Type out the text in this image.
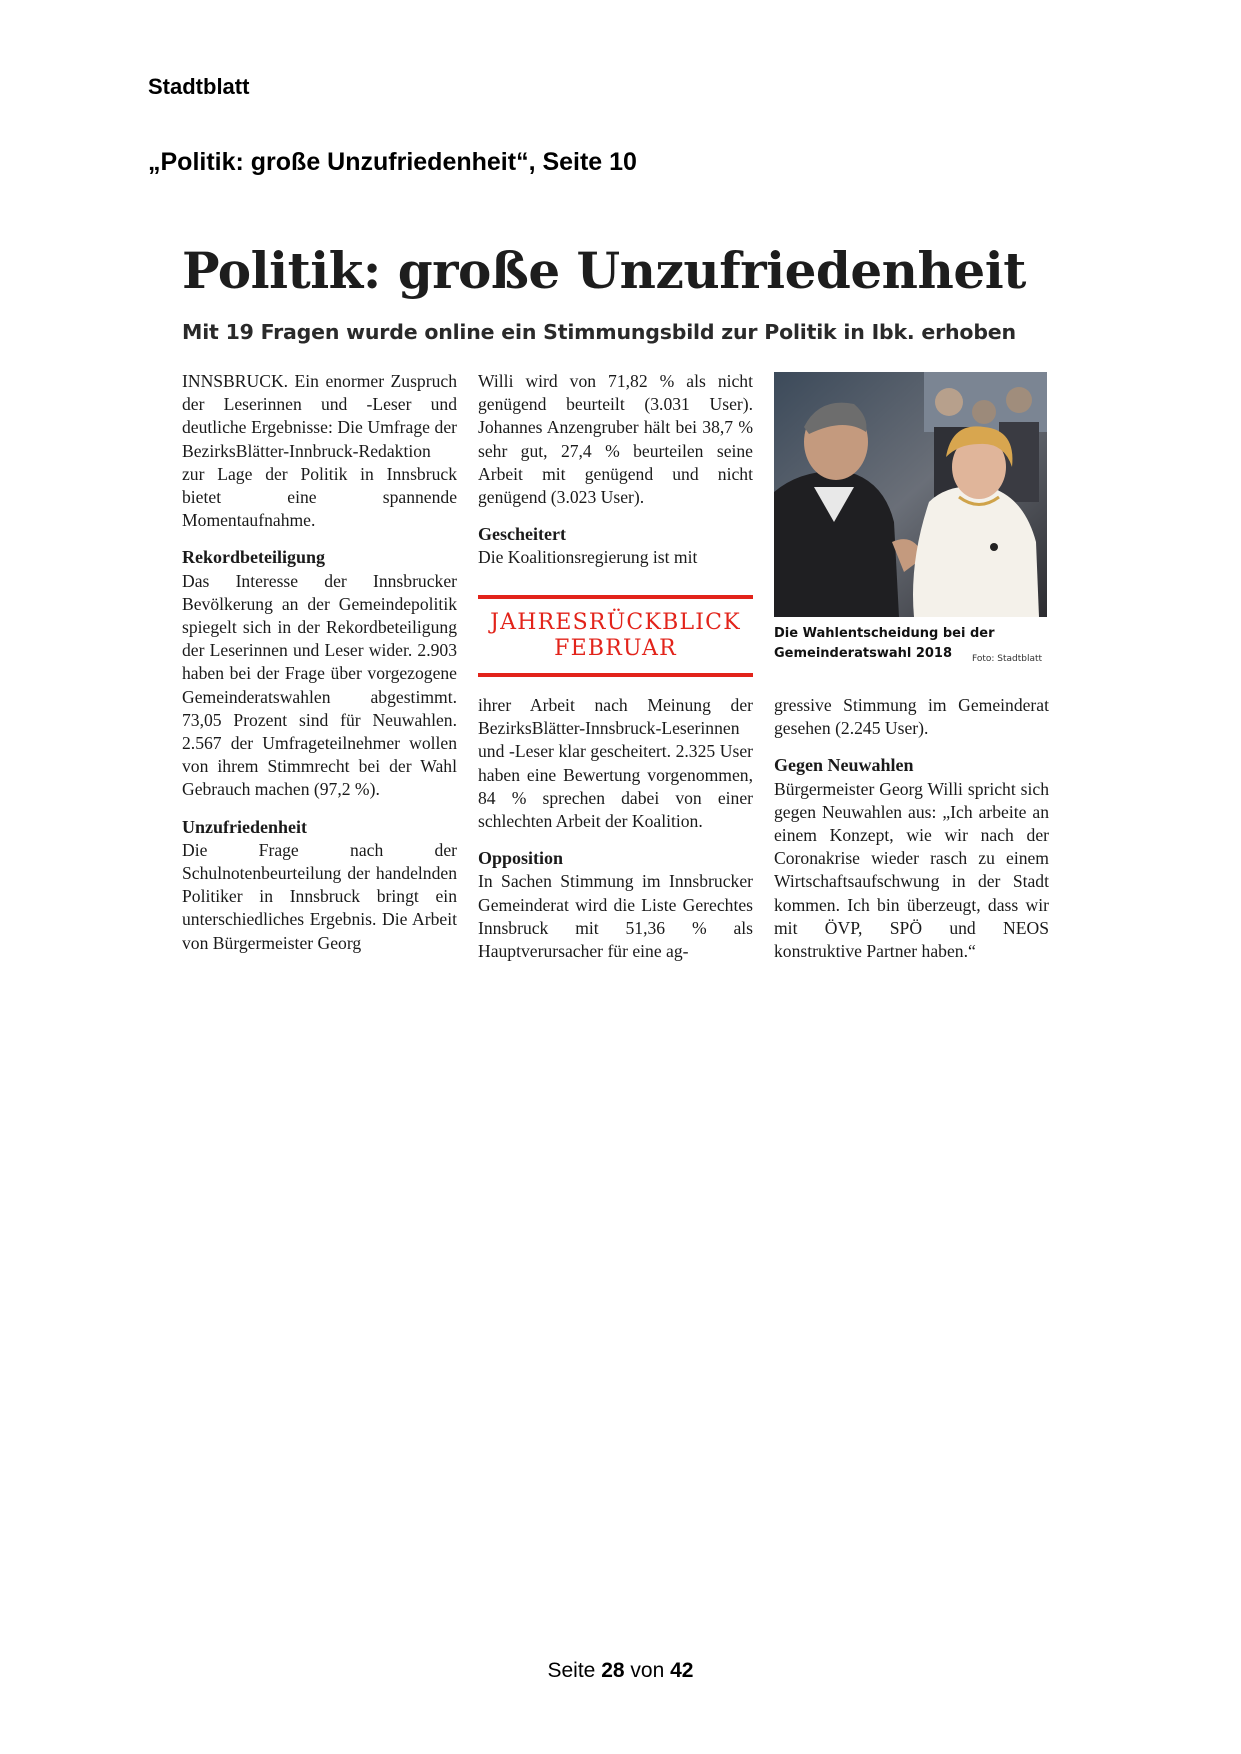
Stadtblatt
„Politik: große Unzufriedenheit“, Seite 10
Politik: große Unzufriedenheit
Mit 19 Fragen wurde online ein Stimmungsbild zur Politik in Ibk. erhoben

INNSBRUCK. Ein enormer Zuspruch der Leserinnen und -Leser und deutliche Ergebnisse: Die Umfrage der BezirksBlätter-Innbruck-Redaktion zur Lage der Politik in Innsbruck bietet eine spannende Momentaufnahme.

Rekordbeteiligung

Das Interesse der Innsbrucker Bevölkerung an der Gemeindepolitik spiegelt sich in der Rekordbeteiligung der Leserinnen und Leser wider. 2.903 haben bei der Frage über vorgezogene Gemeinderatswahlen abgestimmt. 73,05 Prozent sind für Neuwahlen. 2.567 der Umfrageteilnehmer wollen von ihrem Stimmrecht bei der Wahl Gebrauch machen (97,2 %).

Unzufriedenheit

Die Frage nach der Schulnotenbeurteilung der handelnden Politiker in Innsbruck bringt ein unterschiedliches Ergebnis. Die Arbeit von Bürgermeister Georg

Willi wird von 71,82 % als nicht genügend beurteilt (3.031 User). Johannes Anzengruber hält bei 38,7 % sehr gut, 27,4 % beurteilen seine Arbeit mit genügend und nicht genügend (3.023 User).

Gescheitert

Die Koalitionsregierung ist mit

JAHRESRÜCKBLICK
FEBRUAR
Die Wahlentscheidung bei der Gemeinderatswahl 2018	Foto: Stadtblatt

ihrer Arbeit nach Meinung der BezirksBlätter-Innsbruck-Leserinnen und -Leser klar gescheitert. 2.325 User haben eine Bewertung vorgenommen, 84 % sprechen dabei von einer schlechten Arbeit der Koalition.

Opposition

In Sachen Stimmung im Innsbrucker Gemeinderat wird die Liste Gerechtes Innsbruck mit 51,36 % als Hauptverursacher für eine ag-

gressive Stimmung im Gemeinderat gesehen (2.245 User).

Gegen Neuwahlen

Bürgermeister Georg Willi spricht sich gegen Neuwahlen aus: „Ich arbeite an einem Konzept, wie wir nach der Coronakrise wieder rasch zu einem Wirtschaftsaufschwung in der Stadt kommen. Ich bin überzeugt, dass wir mit ÖVP, SPÖ und NEOS konstruktive Partner haben.“

Seite 28 von 42
